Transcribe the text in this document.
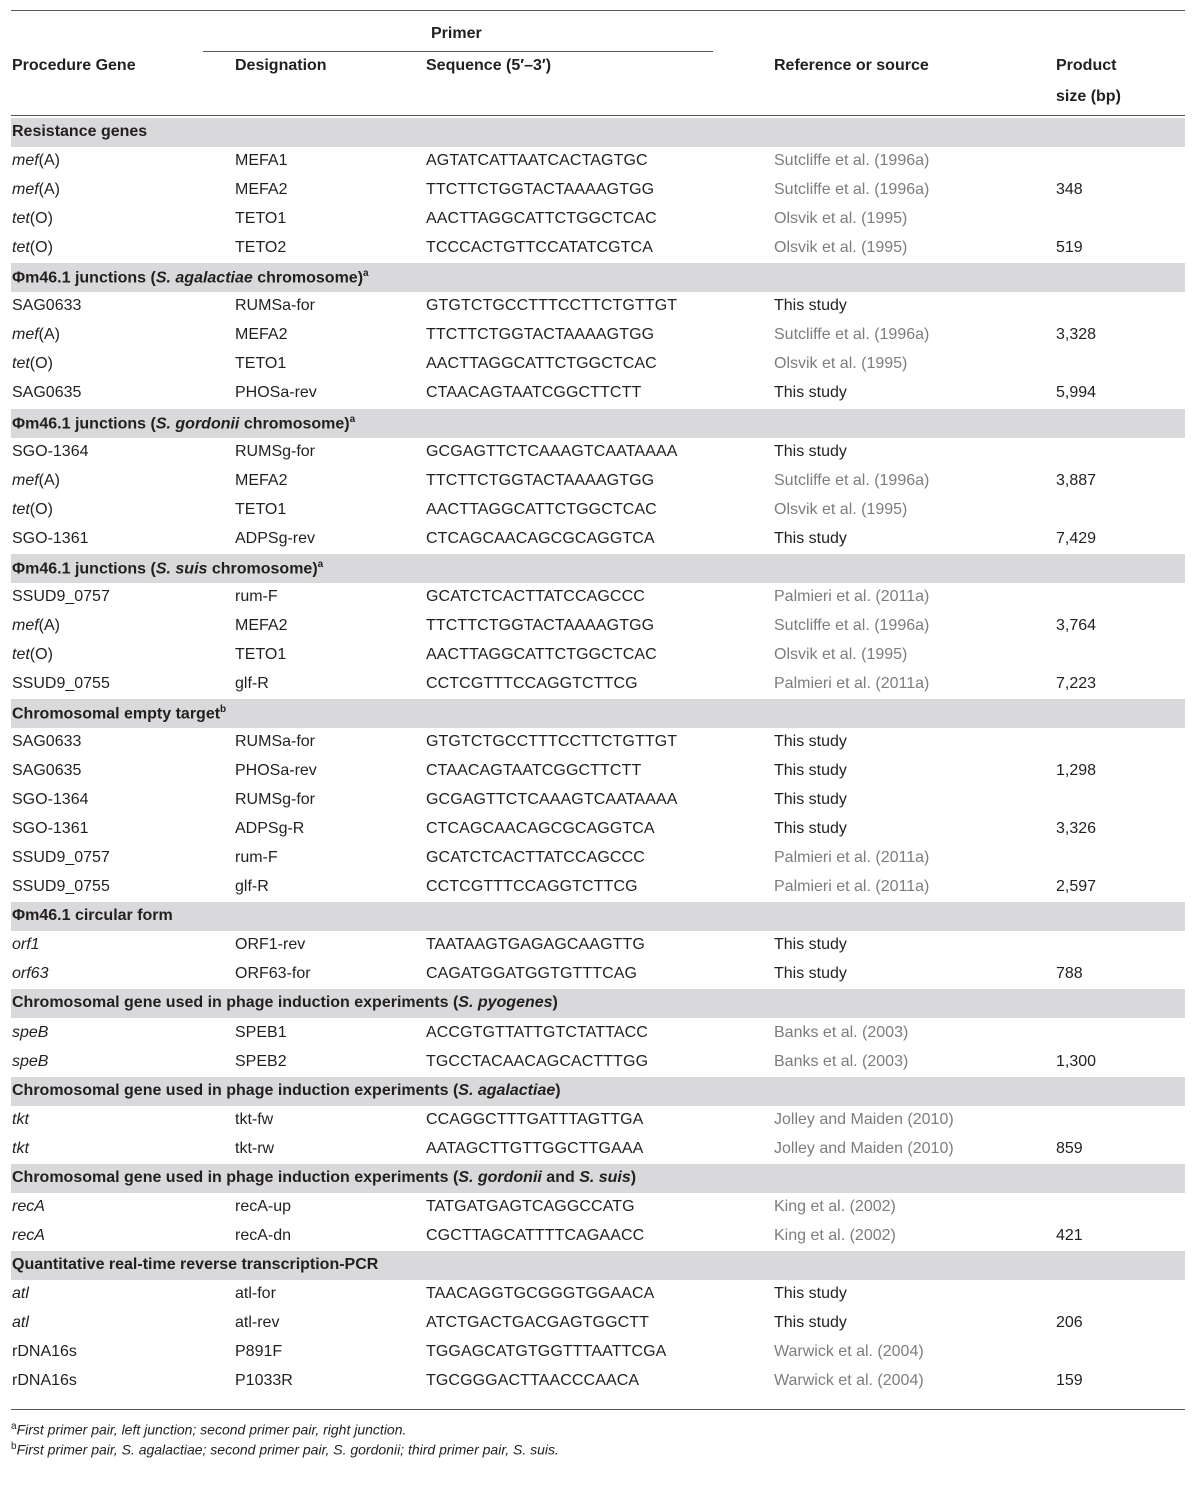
Primer
Procedure Gene	Designation	Sequence (5′–3′)	Reference or source	Product
size (bp)
Resistance genes
mef(A)	MEFA1	AGTATCATTAATCACTAGTGC	Sutcliffe et al. (1996a)
mef(A)	MEFA2	TTCTTCTGGTACTAAAAGTGG	Sutcliffe et al. (1996a)	348
tet(O)	TETO1	AACTTAGGCATTCTGGCTCAC	Olsvik et al. (1995)
tet(O)	TETO2	TCCCACTGTTCCATATCGTCA	Olsvik et al. (1995)	519
Φm46.1 junctions (S. agalactiae chromosome)$^a$
SAG0633	RUMSa-for	GTGTCTGCCTTTCCTTCTGTTGT	This study
mef(A)	MEFA2	TTCTTCTGGTACTAAAAGTGG	Sutcliffe et al. (1996a)	3,328
tet(O)	TETO1	AACTTAGGCATTCTGGCTCAC	Olsvik et al. (1995)
SAG0635	PHOSa-rev	CTAACAGTAATCGGCTTCTT	This study	5,994
Φm46.1 junctions (S. gordonii chromosome)$^a$
SGO-1364	RUMSg-for	GCGAGTTCTCAAAGTCAATAAAA	This study
mef(A)	MEFA2	TTCTTCTGGTACTAAAAGTGG	Sutcliffe et al. (1996a)	3,887
tet(O)	TETO1	AACTTAGGCATTCTGGCTCAC	Olsvik et al. (1995)
SGO-1361	ADPSg-rev	CTCAGCAACAGCGCAGGTCA	This study	7,429
Φm46.1 junctions (S. suis chromosome)$^a$
SSUD9_0757	rum-F	GCATCTCACTTATCCAGCCC	Palmieri et al. (2011a)
mef(A)	MEFA2	TTCTTCTGGTACTAAAAGTGG	Sutcliffe et al. (1996a)	3,764
tet(O)	TETO1	AACTTAGGCATTCTGGCTCAC	Olsvik et al. (1995)
SSUD9_0755	glf-R	CCTCGTTTCCAGGTCTTCG	Palmieri et al. (2011a)	7,223
Chromosomal empty target$^b$
SAG0633	RUMSa-for	GTGTCTGCCTTTCCTTCTGTTGT	This study
SAG0635	PHOSa-rev	CTAACAGTAATCGGCTTCTT	This study	1,298
SGO-1364	RUMSg-for	GCGAGTTCTCAAAGTCAATAAAA	This study
SGO-1361	ADPSg-R	CTCAGCAACAGCGCAGGTCA	This study	3,326
SSUD9_0757	rum-F	GCATCTCACTTATCCAGCCC	Palmieri et al. (2011a)
SSUD9_0755	glf-R	CCTCGTTTCCAGGTCTTCG	Palmieri et al. (2011a)	2,597
Φm46.1 circular form
orf1	ORF1-rev	TAATAAGTGAGAGCAAGTTG	This study
orf63	ORF63-for	CAGATGGATGGTGTTTCAG	This study	788
Chromosomal gene used in phage induction experiments (S. pyogenes)
speB	SPEB1	ACCGTGTTATTGTCTATTACC	Banks et al. (2003)
speB	SPEB2	TGCCTACAACAGCACTTTGG	Banks et al. (2003)	1,300
Chromosomal gene used in phage induction experiments (S. agalactiae)
tkt	tkt-fw	CCAGGCTTTGATTTAGTTGA	Jolley and Maiden (2010)
tkt	tkt-rw	AATAGCTTGTTGGCTTGAAA	Jolley and Maiden (2010)	859
Chromosomal gene used in phage induction experiments (S. gordonii and S. suis)
recA	recA-up	TATGATGAGTCAGGCCATG	King et al. (2002)
recA	recA-dn	CGCTTAGCATTTTCAGAACC	King et al. (2002)	421
Quantitative real-time reverse transcription-PCR
atl	atl-for	TAACAGGTGCGGGTGGAACA	This study
atl	atl-rev	ATCTGACTGACGAGTGGCTT	This study	206
rDNA16s	P891F	TGGAGCATGTGGTTTAATTCGA	Warwick et al. (2004)
rDNA16s	P1033R	TGCGGGACTTAACCCAACA	Warwick et al. (2004)	159
$^a$First primer pair, left junction; second primer pair, right junction.
$^b$First primer pair, S. agalactiae; second primer pair, S. gordonii; third primer pair, S. suis.
